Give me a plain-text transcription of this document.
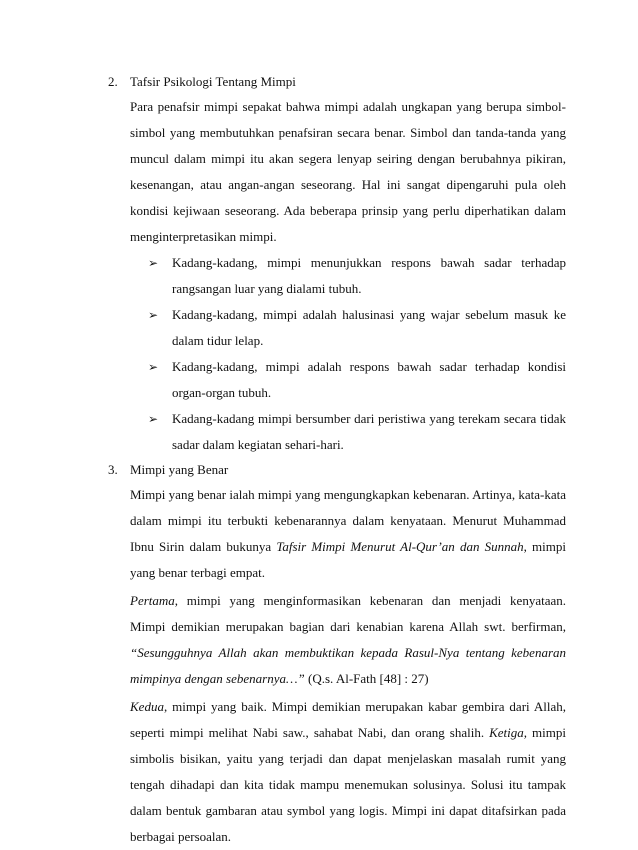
2. Tafsir Psikologi Tentang Mimpi

Para penafsir mimpi sepakat bahwa mimpi adalah ungkapan yang berupa simbol-simbol yang membutuhkan penafsiran secara benar. Simbol dan tanda-tanda yang muncul dalam mimpi itu akan segera lenyap seiring dengan berubahnya pikiran, kesenangan, atau angan-angan seseorang. Hal ini sangat dipengaruhi pula oleh kondisi kejiwaan seseorang. Ada beberapa prinsip yang perlu diperhatikan dalam menginterpretasikan mimpi.

➢ Kadang-kadang, mimpi menunjukkan respons bawah sadar terhadap rangsangan luar yang dialami tubuh.
➢ Kadang-kadang, mimpi adalah halusinasi yang wajar sebelum masuk ke dalam tidur lelap.
➢ Kadang-kadang, mimpi adalah respons bawah sadar terhadap kondisi organ-organ tubuh.
➢ Kadang-kadang mimpi bersumber dari peristiwa yang terekam secara tidak sadar dalam kegiatan sehari-hari.
3. Mimpi yang Benar

Mimpi yang benar ialah mimpi yang mengungkapkan kebenaran. Artinya, kata-kata dalam mimpi itu terbukti kebenarannya dalam kenyataan. Menurut Muhammad Ibnu Sirin dalam bukunya Tafsir Mimpi Menurut Al-Qur’an dan Sunnah, mimpi yang benar terbagi empat.

Pertama, mimpi yang menginformasikan kebenaran dan menjadi kenyataan. Mimpi demikian merupakan bagian dari kenabian karena Allah swt. berfirman, “Sesungguhnya Allah akan membuktikan kepada Rasul-Nya tentang kebenaran mimpinya dengan sebenarnya…” (Q.s. Al-Fath [48] : 27)

Kedua, mimpi yang baik. Mimpi demikian merupakan kabar gembira dari Allah, seperti mimpi melihat Nabi saw., sahabat Nabi, dan orang shalih. Ketiga, mimpi simbolis bisikan, yaitu yang terjadi dan dapat menjelaskan masalah rumit yang tengah dihadapi dan kita tidak mampu menemukan solusinya. Solusi itu tampak dalam bentuk gambaran atau symbol yang logis. Mimpi ini dapat ditafsirkan pada berbagai persoalan.
